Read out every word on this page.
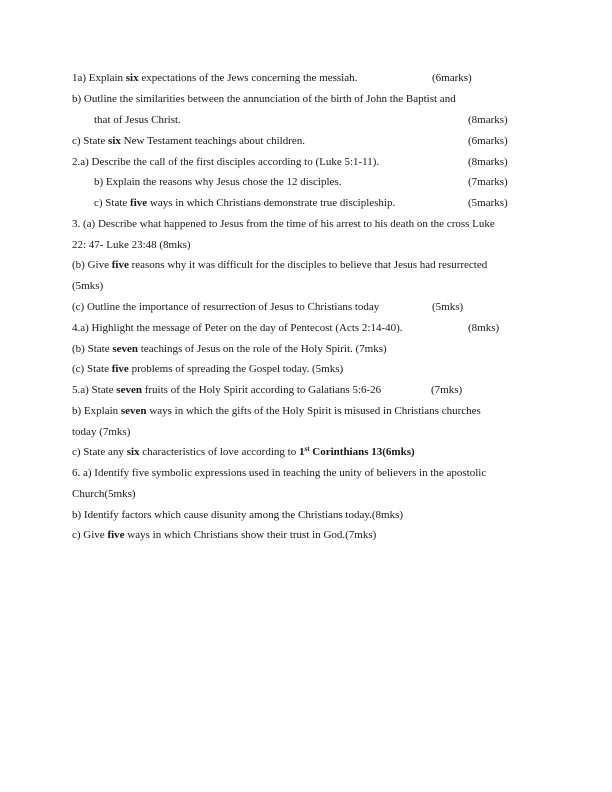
1a) Explain six expectations of the Jews concerning the messiah.	(6marks)
b) Outline the similarities between the annunciation of the birth of John the Baptist and
that of Jesus Christ.	(8marks)
c) State six New Testament teachings about children.	(6marks)
2.a) Describe the call of the first disciples according to (Luke 5:1-11).	(8marks)
b) Explain the reasons why Jesus chose the 12 disciples.	(7marks)
c) State five ways in which Christians demonstrate true discipleship.	(5marks)
3. (a) Describe what happened to Jesus from the time of his arrest to his death on the cross Luke
22: 47- Luke 23:48 (8mks)
(b) Give five reasons why it was difficult for the disciples to believe that Jesus had resurrected
(5mks)
(c) Outline the importance of resurrection of Jesus to Christians today	(5mks)
4.a) Highlight the message of Peter on the day of Pentecost (Acts 2:14-40).	(8mks)
(b) State seven teachings of Jesus on the role of the Holy Spirit. (7mks)
(c) State five problems of spreading the Gospel today. (5mks)
5.a) State seven fruits of the Holy Spirit according to Galatians 5:6-26	(7mks)
b) Explain seven ways in which the gifts of the Holy Spirit is misused in Christians churches
today (7mks)
c) State any six characteristics of love according to 1st Corinthians 13(6mks)
6. a) Identify five symbolic expressions used in teaching the unity of believers in the apostolic
Church(5mks)
b) Identify factors which cause disunity among the Christians today.(8mks)
c) Give five ways in which Christians show their trust in God.(7mks)
